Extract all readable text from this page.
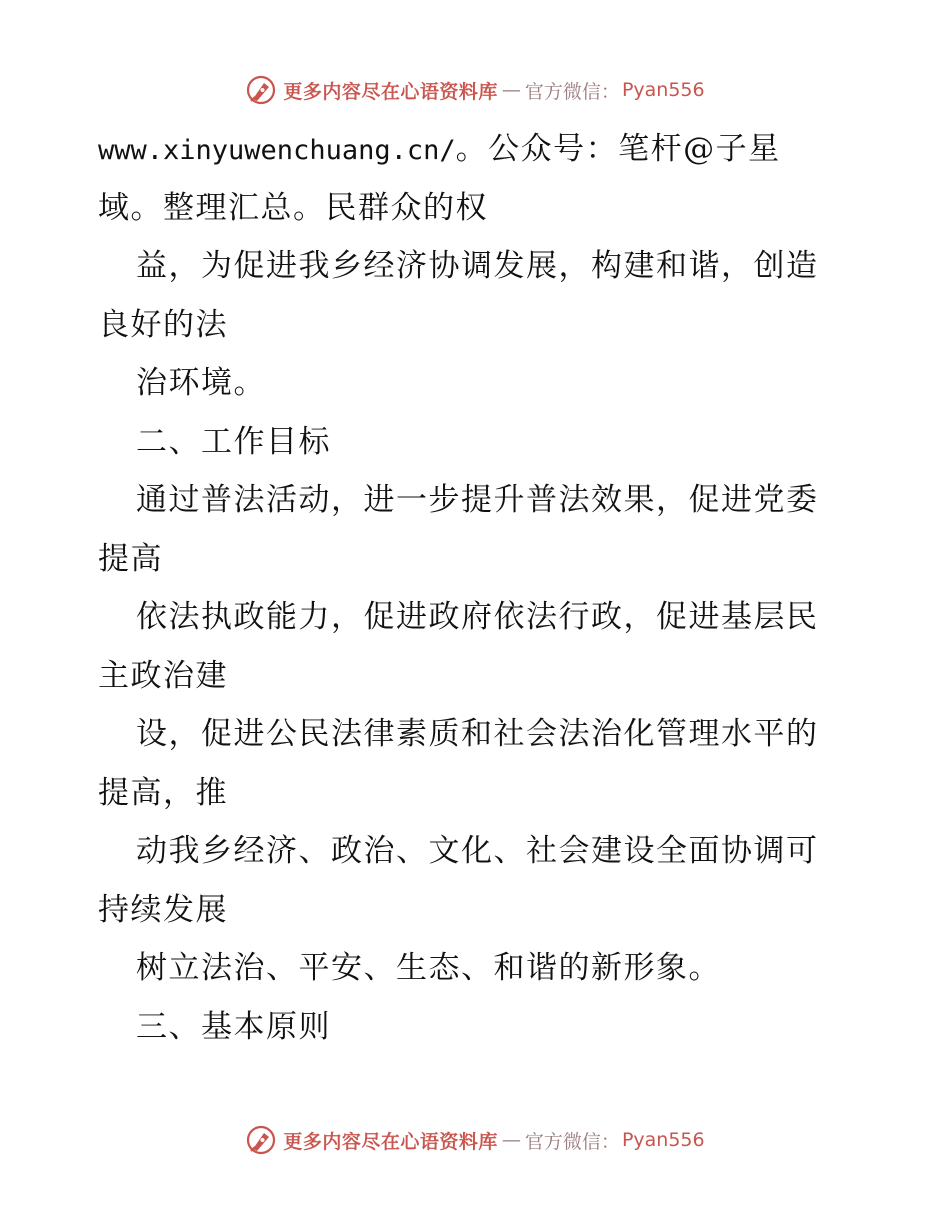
更多内容尽在心语资料库 — 官方微信： Pyan556
www.xinyuwenchuang.cn/。公众号：笔杆@子星
域。整理汇总。民群众的权
益，为促进我乡经济协调发展，构建和谐，创造
良好的法
治环境。
二、工作目标
通过普法活动，进一步提升普法效果，促进党委
提高
依法执政能力，促进政府依法行政，促进基层民
主政治建
设，促进公民法律素质和社会法治化管理水平的
提高，推
动我乡经济、政治、文化、社会建设全面协调可
持续发展
树立法治、平安、生态、和谐的新形象。
三、基本原则
更多内容尽在心语资料库 — 官方微信： Pyan556
